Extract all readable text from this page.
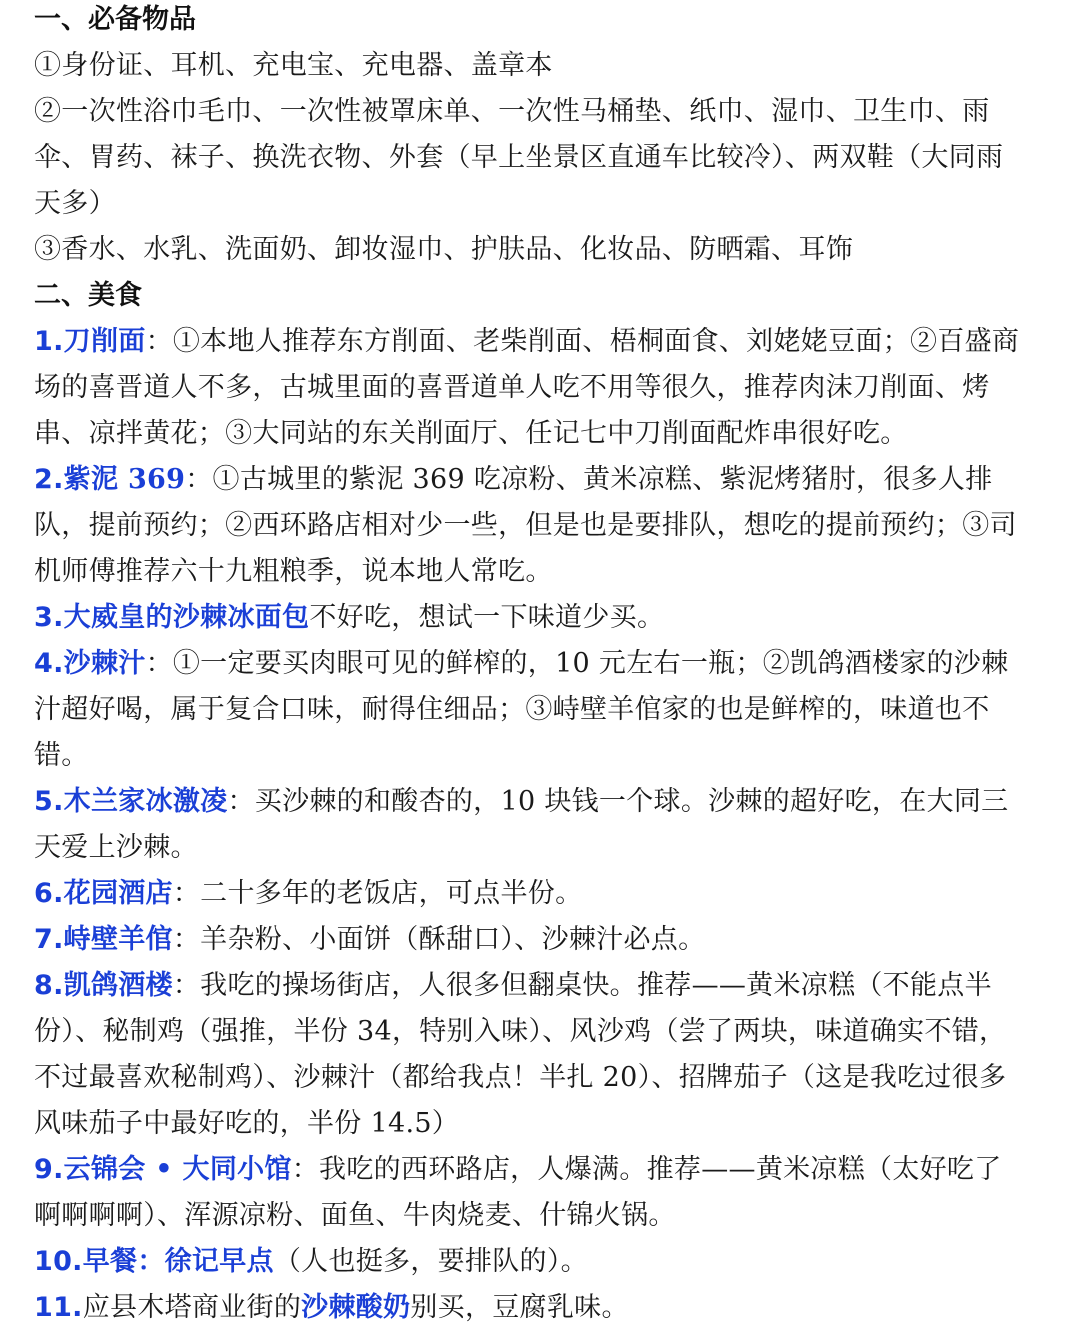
一、必备物品

①身份证、耳机、充电宝、充电器、盖章本

②一次性浴巾毛巾、一次性被罩床单、一次性马桶垫、纸巾、湿巾、卫生巾、雨伞、胃药、袜子、换洗衣物、外套（早上坐景区直通车比较冷）、两双鞋（大同雨天多）

③香水、水乳、洗面奶、卸妆湿巾、护肤品、化妆品、防晒霜、耳饰

二、美食

1.刀削面：①本地人推荐东方削面、老柴削面、梧桐面食、刘姥姥豆面；②百盛商场的喜晋道人不多，古城里面的喜晋道单人吃不用等很久，推荐肉沫刀削面、烤串、凉拌黄花；③大同站的东关削面厅、任记七中刀削面配炸串很好吃。

2.紫泥 369：①古城里的紫泥 369 吃凉粉、黄米凉糕、紫泥烤猪肘，很多人排队，提前预约；②西环路店相对少一些，但是也是要排队，想吃的提前预约；③司机师傅推荐六十九粗粮季，说本地人常吃。

3.大威皇的沙棘冰面包不好吃，想试一下味道少买。

4.沙棘汁：①一定要买肉眼可见的鲜榨的，10 元左右一瓶；②凯鸽酒楼家的沙棘汁超好喝，属于复合口味，耐得住细品；③峙壁羊倌家的也是鲜榨的，味道也不错。

5.木兰家冰激凌：买沙棘的和酸杏的，10 块钱一个球。沙棘的超好吃，在大同三天爱上沙棘。

6.花园酒店：二十多年的老饭店，可点半份。

7.峙壁羊倌：羊杂粉、小面饼（酥甜口）、沙棘汁必点。

8.凯鸽酒楼：我吃的操场街店，人很多但翻桌快。推荐——黄米凉糕（不能点半份）、秘制鸡（强推，半份 34，特别入味）、风沙鸡（尝了两块，味道确实不错，不过最喜欢秘制鸡）、沙棘汁（都给我点！半扎 20）、招牌茄子（这是我吃过很多风味茄子中最好吃的，半份 14.5）

9.云锦会 • 大同小馆：我吃的西环路店，人爆满。推荐——黄米凉糕（太好吃了啊啊啊啊）、浑源凉粉、面鱼、牛肉烧麦、什锦火锅。

10.早餐：徐记早点（人也挺多，要排队的）。

11.应县木塔商业街的沙棘酸奶别买，豆腐乳味。
